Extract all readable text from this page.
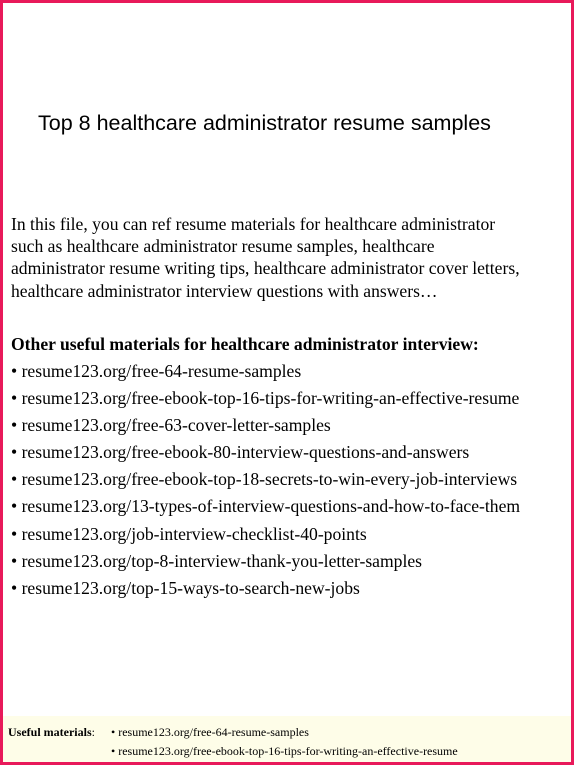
Top 8 healthcare administrator resume samples
In this file, you can ref resume materials for healthcare administrator
such as healthcare administrator resume samples, healthcare
administrator resume writing tips, healthcare administrator cover letters,
healthcare administrator interview questions with answers…
Other useful materials for healthcare administrator interview:
• resume123.org/free-64-resume-samples
• resume123.org/free-ebook-top-16-tips-for-writing-an-effective-resume
• resume123.org/free-63-cover-letter-samples
• resume123.org/free-ebook-80-interview-questions-and-answers
• resume123.org/free-ebook-top-18-secrets-to-win-every-job-interviews
• resume123.org/13-types-of-interview-questions-and-how-to-face-them
• resume123.org/job-interview-checklist-40-points
• resume123.org/top-8-interview-thank-you-letter-samples
• resume123.org/top-15-ways-to-search-new-jobs
Useful materials: • resume123.org/free-64-resume-samples
• resume123.org/free-ebook-top-16-tips-for-writing-an-effective-resume
